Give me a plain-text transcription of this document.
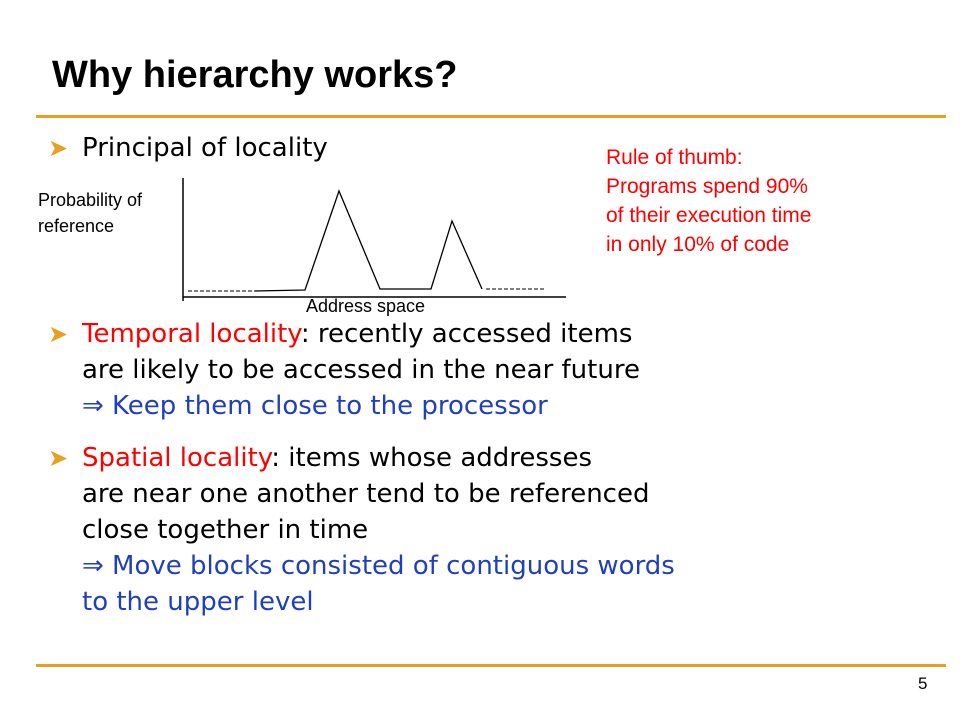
Why hierarchy works?
➤ Principal of locality
Probability of reference
Address space
Rule of thumb: Programs spend 90% of their execution time in only 10% of code
➤ Temporal locality: recently accessed items
are likely to be accessed in the near future
⇒ Keep them close to the processor
➤ Spatial locality: items whose addresses
are near one another tend to be referenced
close together in time
⇒ Move blocks consisted of contiguous words
to the upper level
5
